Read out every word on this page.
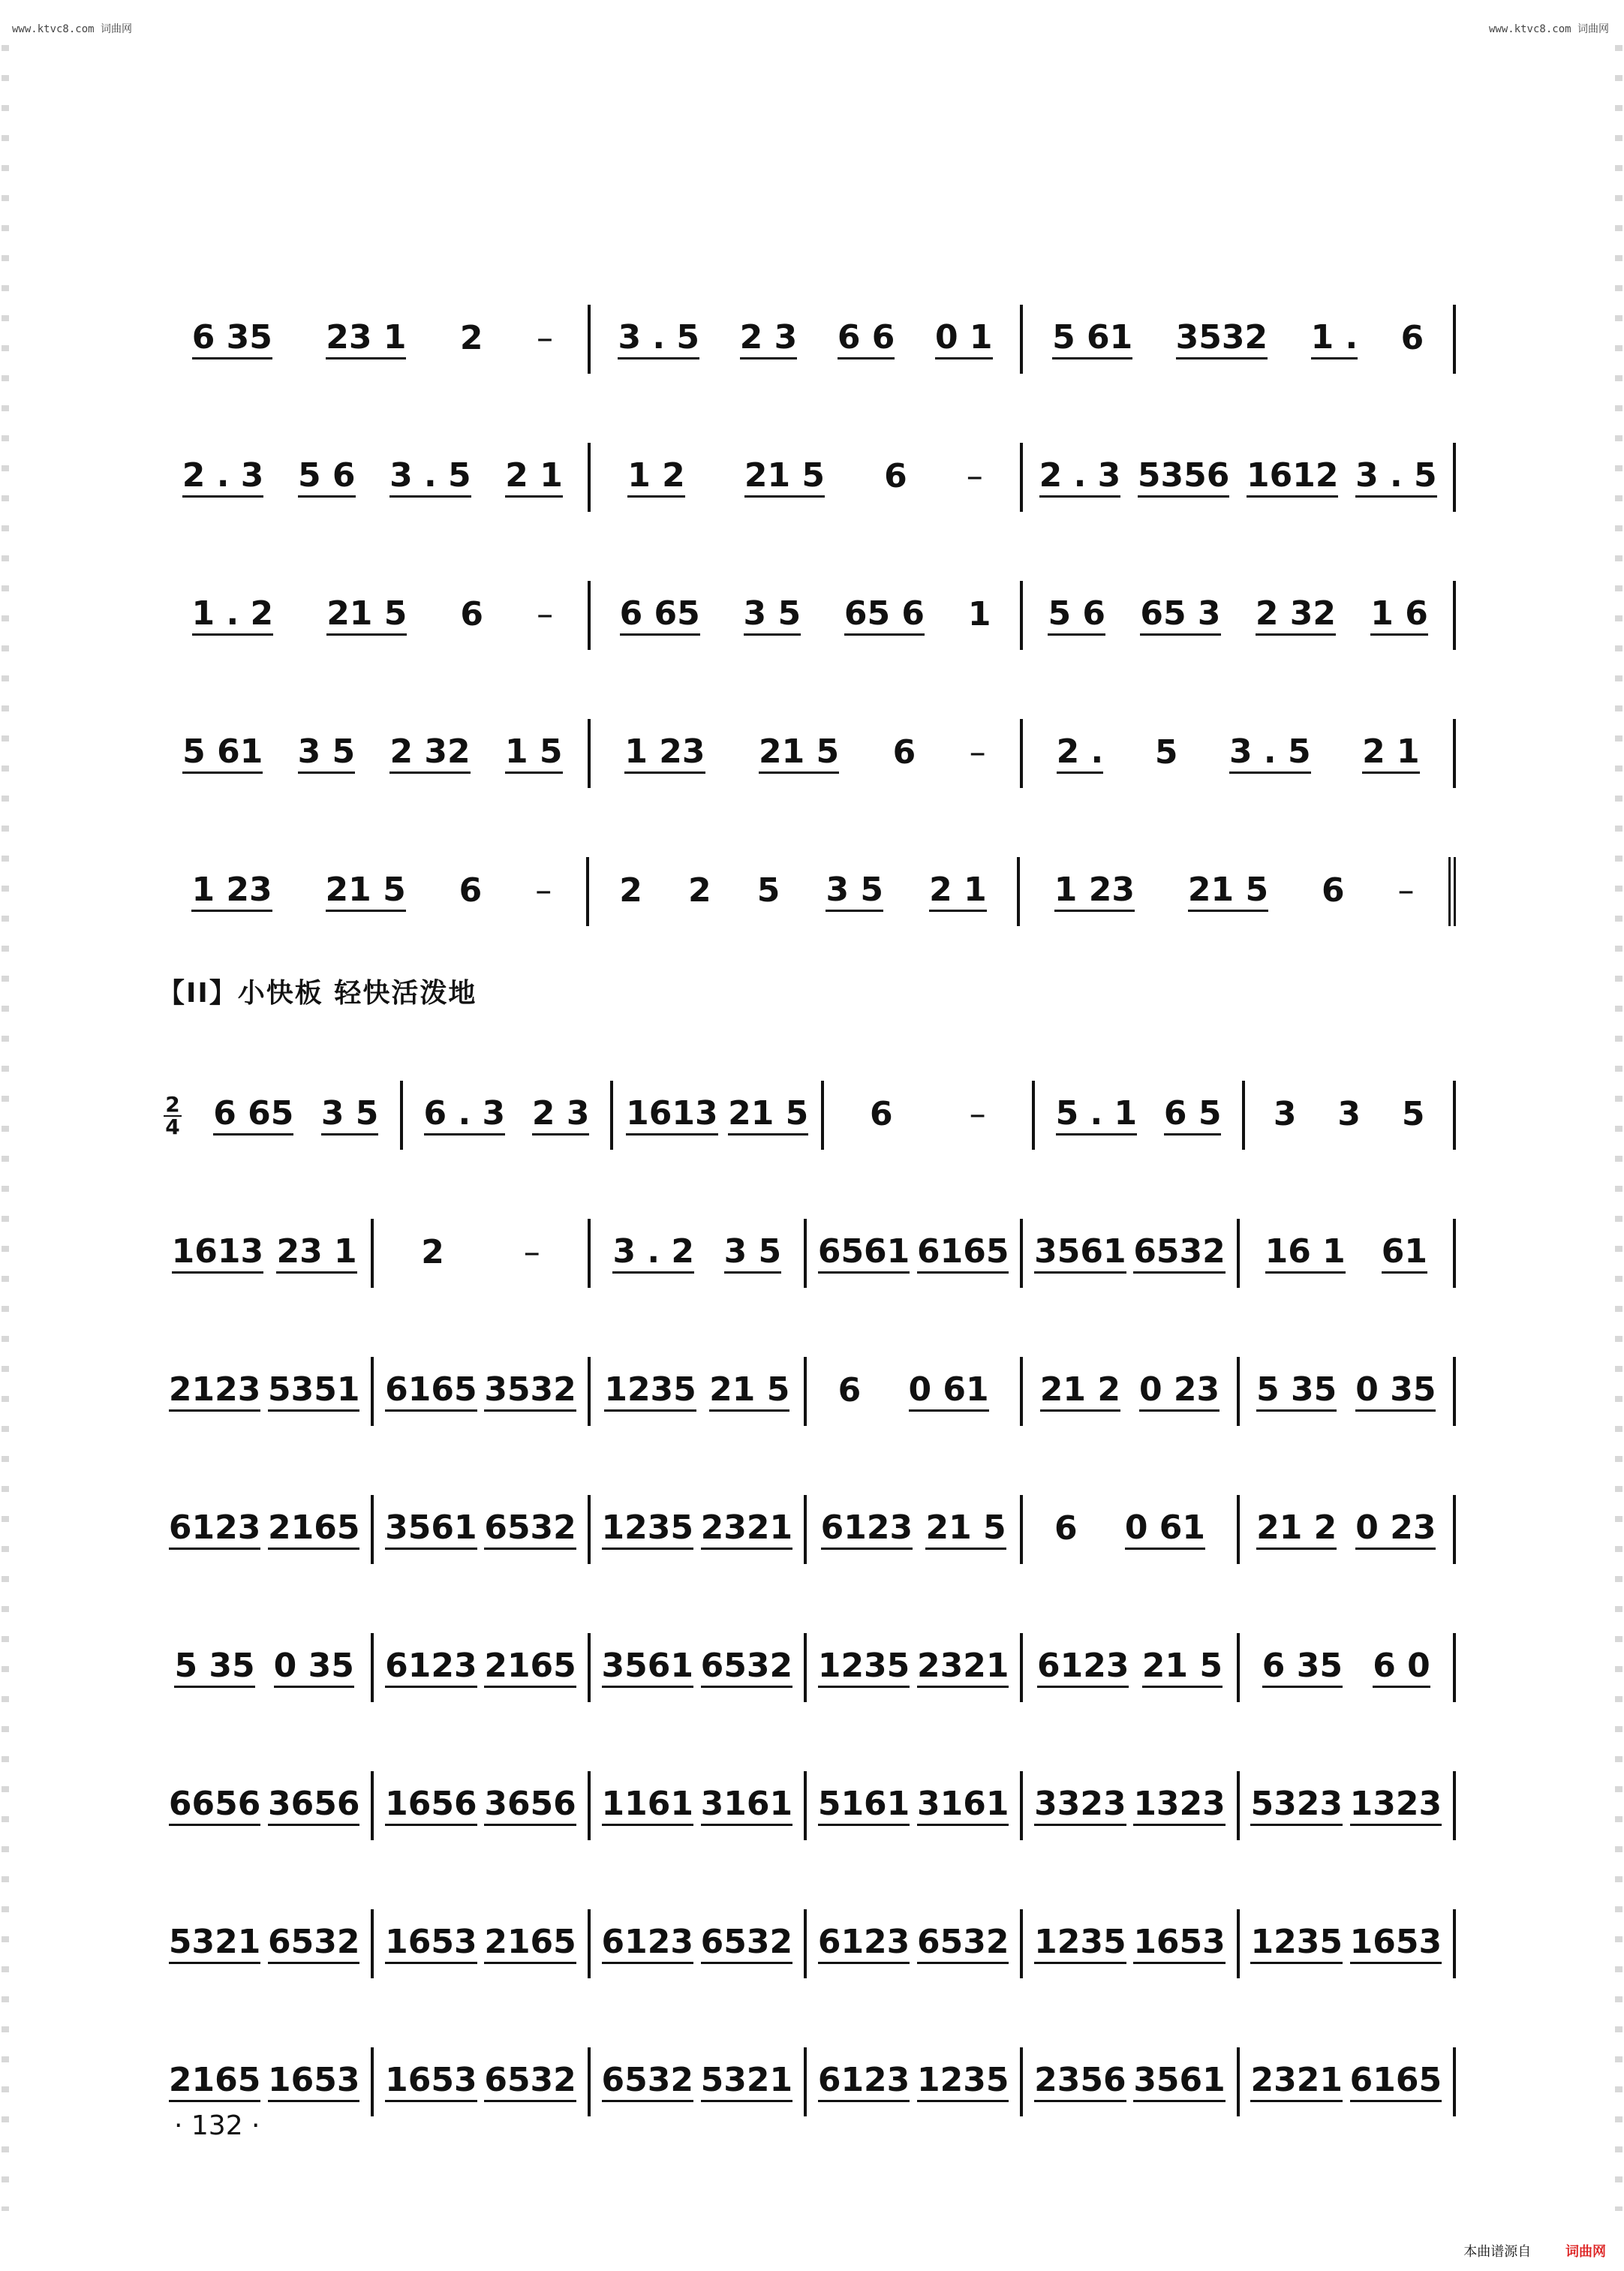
www.ktvc8.com 词曲网	www.ktvc8.com 词曲网
6 35 23 1 2 – 3 . 5 2 3 6 6 0 1 5 61 3532 1 . 6
2 . 3 5 6 3 . 5 2 1 1 2 21 5 6 – 2 . 3 5356 1612 3 . 5
1 . 2 21 5 6 – 6 65 3 5 65 6 1 5 6 65 3 2 32 1 6
5 61 3 5 2 32 1 5 1 23 21 5 6 – 2 . 5 3 . 5 2 1
1 23 21 5 6 – 2 2 5 3 5 2 1 1 23 21 5 6 –
【II】小快板 轻快活泼地
2
4 6 65 3 5 6 . 3 2 3 1613 21 5 6 – 5 . 1 6 5 3 3 5
1613 23 1 2 – 3 . 2 3 5 6561 6165 3561 6532 16 1 61
2123 5351 6165 3532 1235 21 5 6 0 61 21 2 0 23 5 35 0 35
6123 2165 3561 6532 1235 2321 6123 21 5 6 0 61 21 2 0 23
5 35 0 35 6123 2165 3561 6532 1235 2321 6123 21 5 6 35 6 0
6656 3656 1656 3656 1161 3161 5161 3161 3323 1323 5323 1323
5321 6532 1653 2165 6123 6532 6123 6532 1235 1653 1235 1653
2165 1653 1653 6532 6532 5321 6123 1235 2356 3561 2321 6165
· 132 ·
本曲谱源自	词曲网
